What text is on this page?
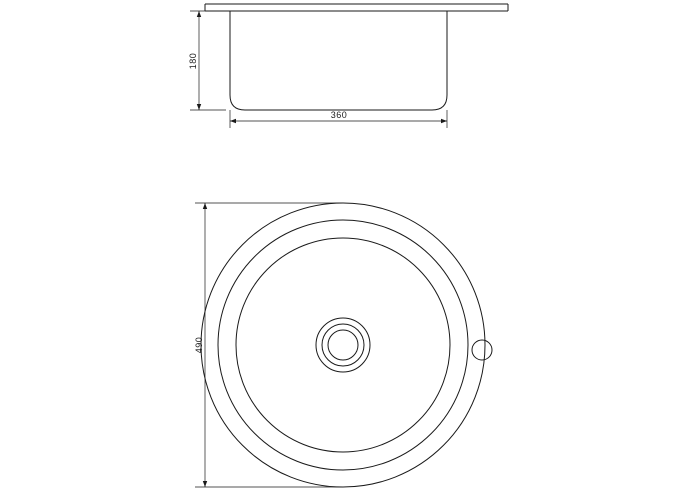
180
360
490
